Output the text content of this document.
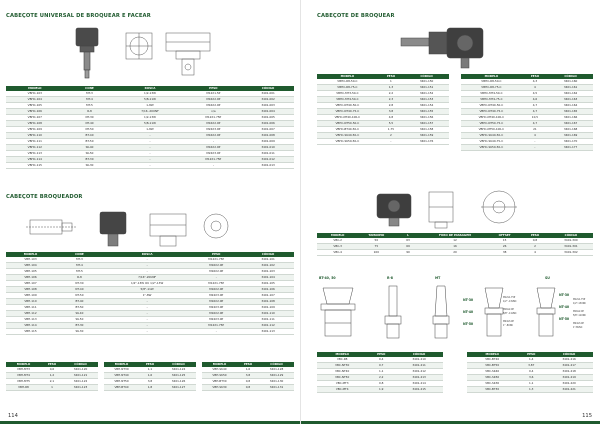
CABEÇOTE UNIVERSAL DE BROQUEAR E FACEAR
MODELO	CONE	ROSCA	PESO	CÓDIGO
VBHC-103	MT-3	1/2-13W	M12X1.5P	3401-001
VBHC-104	MT-4	5/8-11W	M16X2.0P	3401-002
VBHC-105	MT-5	1-8W	M16X2.0P	3401-003
VBHC-106	R-8	7/16 -20UNF	n/a	3401-004
VBHC-107	NT-30	1/2-13W	M12X1.75P	3401-005
VBHC-108	NT-40	5/8-11W	M16X2.0P	3401-006
VBHC-109	NT-50	1-8W	M24X3.0P	3401-007
VBHC-110	BT-40	-	M16X2.0P	3401-008
VBHC-111	BT-50	-	-	3401-009
VBHC-112	SK-40	-	M16X2.0P	3401-010
VBHC-113	SK-50	-	M24X3.0P	3401-011
VBHC-114	BT-30	-	M12X1.75P	3401-012
VBHC-115	SK-30	-	-	3401-013
CABEÇOTE BROQUEADOR
MODELO	CONE	ROSCA	PESO	CÓDIGO
VBH-103	MT-3	-	M12X1.75P	3401-101
VBH-104	MT-4	-	M16X2.0P	3401-102
VBH-105	MT-5	-	M16X2.0P	3401-103
VBH-106	R-8	7/16"-20UNF	-	3401-104
VBH-107	NT-30	1/2"-13W OU 1/2"-13W	M12X1.75P	3401-105
VBH-108	NT-40	5/8"-11W	M16X2.0P	3401-106
VBH-109	NT-50	1"-8W	M24X3.0P	3401-107
VBH-110	BT-40	-	M16X2.0P	3401-108
VBH-111	BT-50	-	M24X3.0P	3401-109
VBH-112	SK-40	-	M16X2.0P	3401-110
VBH-113	SK-50	-	M24X3.0P	3401-111
VBH-114	BT-30	-	M12X1.75P	3401-112
VBH-115	SK-30	-	-	3401-113
MODELO	PESO	CÓDIGO
VBH-MT3	0,6	3401-120
VBH-MT4	1,2	3401-121
VBH-MT5	2,1	3401-122
VBH-R8	1	3401-123
MODELO	PESO	CÓDIGO
VBH-NT30	1,1	3401-124
VBH-NT40	1,6	3401-125
VBH-NT50	3,8	3401-126
VBH-BT40	1,8	3401-127
MODELO	PESO	CÓDIGO
VBH-SK40	1,6	3401-128
VBH-SK50	3,8	3401-129
VBH-BT30	0,8	3401-130
VBH-SK30	0,8	3401-131
114
CABEÇOTE DE BROQUEAR
MODELO	PESO	CÓDIGO
VBHC-R8-50-C	1	3401-150
VBHC-R8-75-C	1,3	3401-151
VBHC-MT3-50-C	2,2	3401-152
VBHC-MT4-50-C	2,3	3401-153
VBHC-NT40-50-C	2,8	3401-154
VBHC-NT40-75-C	3,8	3401-155
VBHC-NT40-100-C	4,8	3401-156
VBHC-NT50-50-C	5,5	3401-157
VBHC-BT40-50-C	1,75	3401-158
VBHC-SK40-50-C	2	3401-159
VBHC-SK50-50-C	-	3401-176
MODELO	PESO	CÓDIGO
VBHC-R8-50-C	4,3	3401-160
VBHC-R8-75-C	4	3401-161
VBHC-MT4-50-C	4,5	3401-162
VBHC-MT4-75-C	4,6	3401-163
VBHC-NT40-50-C	4,7	3401-164
VBHC-NT40-75-C	4,7	3401-165
VBHC-NT40-100-C	10,5	3401-166
VBHC-NT50-75-C	4,7	3401-167
VBHC-NT50-100-C	21	3401-168
VBHC-SK40-50-C	4	3401-169
VBHC-SK40-75-C	-	3401-170
VBHC-SK50-50-C	-	3401-177
MODELO	TAMANHO	L	FURO DE PASSAGEM	OFFSET	PESO	CÓDIGO
VBC-2	50	63	12	15	0,8	3401-300
VBC-3	75	69	16	26	2	3401-301
VBC-4	100	90	20	38	4	3401-302
BT-40, 50	R-8	MT	SU
NT-30
NT-40
NT-50
M12x1.75P
1/2" -13UNC
M16x2.0P
5/8" -11UNC
M24x3.0P
1" -8UNC
NT-30
NT-40
NT-50
M12x1.75P
1/2"-13UNC
M16x2.0P
5/8"-11UNC
M24x3.0P
1"-8UNC
MODELO	PESO	CÓDIGO
VBC-R8	0,4	3401-210
VBC-NT30	0,7	3401-211
VBC-NT40	1,1	3401-212
VBC-NT50	2,2	3401-213
VBC-MT3	0,8	3401-214
VBC-MT4	1,9	3401-215
MODELO	PESO	CÓDIGO
VBC-BT40	1,4	3401-216
VBC-BT50	3,87	3401-217
VBC-SK40	0,4	3401-218
VBC-SK50	3,6	3401-219
VBC-SK30	1,1	3401-220
VBC-BT30	1,3	3401-221
115
